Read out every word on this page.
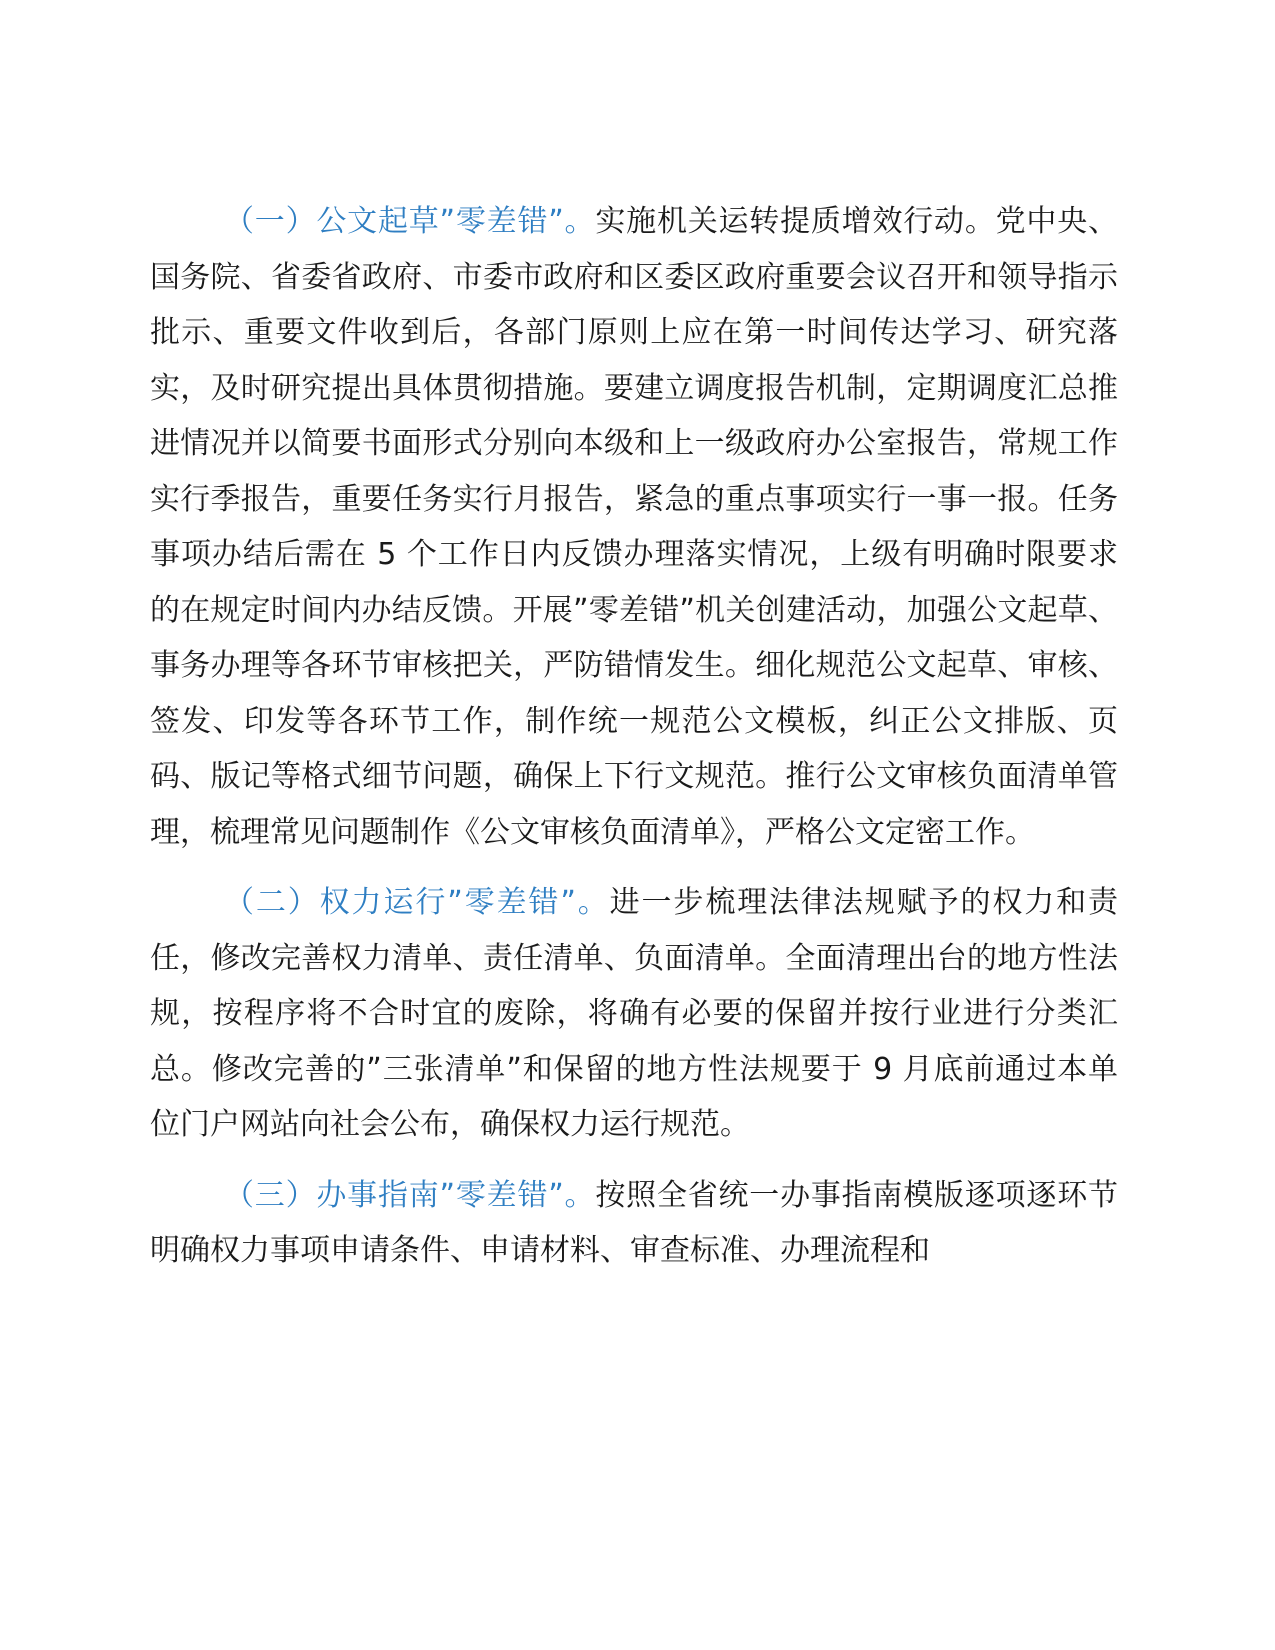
（一）公文起草”零差错”。实施机关运转提质增效行动。党中央、国务院、省委省政府、市委市政府和区委区政府重要会议召开和领导指示批示、重要文件收到后，各部门原则上应在第一时间传达学习、研究落实，及时研究提出具体贯彻措施。要建立调度报告机制，定期调度汇总推进情况并以简要书面形式分别向本级和上一级政府办公室报告，常规工作实行季报告，重要任务实行月报告，紧急的重点事项实行一事一报。任务事项办结后需在 5 个工作日内反馈办理落实情况，上级有明确时限要求的在规定时间内办结反馈。开展”零差错”机关创建活动，加强公文起草、事务办理等各环节审核把关，严防错情发生。细化规范公文起草、审核、签发、印发等各环节工作，制作统一规范公文模板，纠正公文排版、页码、版记等格式细节问题，确保上下行文规范。推行公文审核负面清单管理，梳理常见问题制作《公文审核负面清单》，严格公文定密工作。

（二）权力运行”零差错”。进一步梳理法律法规赋予的权力和责任，修改完善权力清单、责任清单、负面清单。全面清理出台的地方性法规，按程序将不合时宜的废除，将确有必要的保留并按行业进行分类汇总。修改完善的”三张清单”和保留的地方性法规要于 9 月底前通过本单位门户网站向社会公布，确保权力运行规范。

（三）办事指南”零差错”。按照全省统一办事指南模版逐项逐环节明确权力事项申请条件、申请材料、审查标准、办理流程和
